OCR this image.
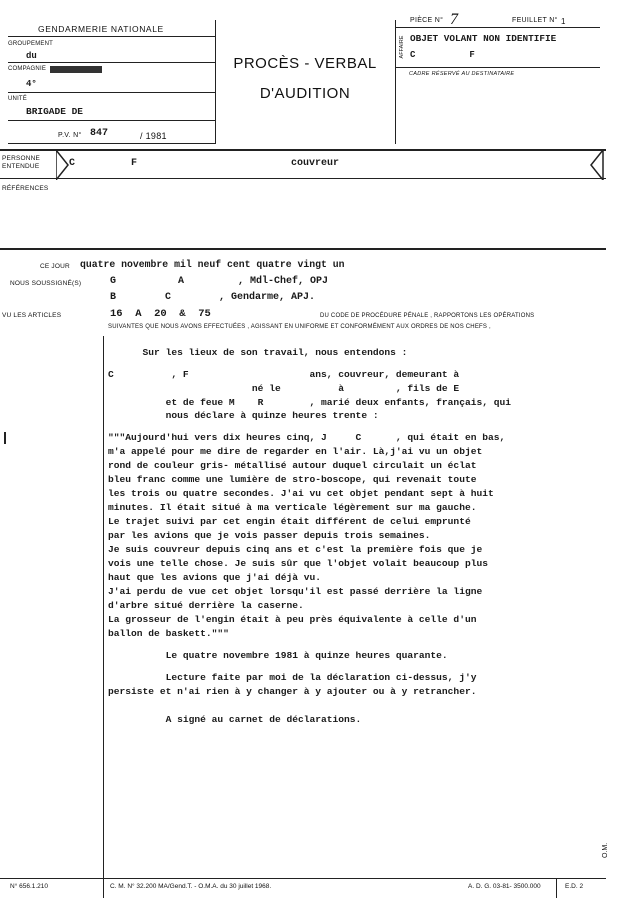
GENDARMERIE NATIONALE
GROUPEMENT
du
COMPAGNIE
4°
UNITÉ
BRIGADE DE
P.V. N° 847	/ 1981
PROCÈS - VERBAL
D'AUDITION
PIÈCE N° 7	FEUILLET N° 1
AFFAIRE OBJET VOLANT NON IDENTIFIE
C          F
CADRE RÉSERVÉ AU DESTINATAIRE
PERSONNE
ENTENDUE	C	F	couvreur
RÉFÉRENCES
CE JOUR quatre novembre mil neuf cent quatre vingt un
NOUS SOUSSIGNÉ(S)	G	A         , Mdl-Chef, OPJ
B	C        , Gendarme, APJ.
VU LES ARTICLES	16  A  20  &  75	DU CODE DE PROCÉDURE PÉNALE , RAPPORTONS LES OPÉRATIONS
SUIVANTES QUE NOUS AVONS EFFECTUÉES , AGISSANT EN UNIFORME ET CONFORMÉMENT AUX ORDRES DE NOS CHEFS ,
Sur les lieux de son travail, nous entendons :
C          , F                     ans, couvreur, demeurant à
né le          à         , fils de E
et de feue M    R        , marié deux enfants, français, qui
nous déclare à quinze heures trente :
"""Aujourd'hui vers dix heures cinq, J     C      , qui était en bas,
m'a appelé pour me dire de regarder en l'air. Là,j'ai vu un objet
rond de couleur gris- métallisé autour duquel circulait un éclat
bleu franc comme une lumière de stro-boscope, qui revenait toute
les trois ou quatre secondes. J'ai vu cet objet pendant sept à huit
minutes. Il était situé à ma verticale légèrement sur ma gauche.
Le trajet suivi par cet engin était différent de celui emprunté
par les avions que je vois passer depuis trois semaines.
Je suis couvreur depuis cinq ans et c'est la première fois que je
vois une telle chose. Je suis sûr que l'objet volait beaucoup plus
haut que les avions que j'ai déjà vu.
J'ai perdu de vue cet objet lorsqu'il est passé derrière la ligne
d'arbre situé derrière la caserne.
La grosseur de l'engin était à peu près équivalente à celle d'un
ballon de baskett."""
Le quatre novembre 1981 à quinze heures quarante.
Lecture faite par moi de la déclaration ci-dessus, j'y
persiste et n'ai rien à y changer à y ajouter ou à y retrancher.
A signé au carnet de déclarations.
O.M.
N° 656.1.210	C. M. N° 32.200 MA/Gend.T. - O.M.A. du 30 juillet 1968.	A. D. G. 03-81- 3500.000	E.D. 2
